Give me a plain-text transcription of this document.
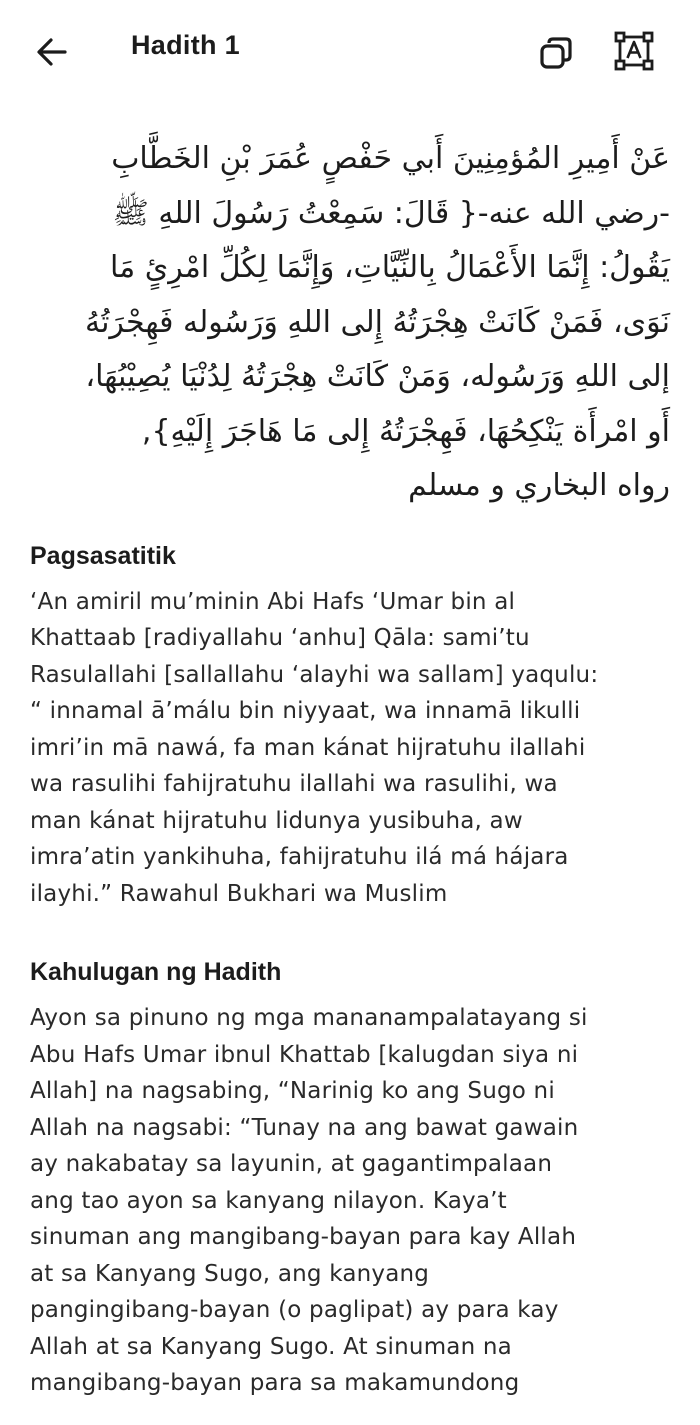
Hadith 1
عَنْ أَمِيرِ المُؤمِنِينَ أَبي حَفْصٍ عُمَرَ بْنِ الخَطَّابِ
-رضي الله عنه-{ قَالَ: سَمِعْتُ رَسُولَ اللهِ ﷺ
يَقُولُ: إِنَّمَا الأَعْمَالُ بِالنِّيَّاتِ، وَإِنَّمَا لِكُلِّ امْرِئٍ مَا
نَوَى، فَمَنْ كَانَتْ هِجْرَتُهُ إِلى اللهِ وَرَسُوله فَهِجْرَتُهُ
إلى اللهِ وَرَسُوله، وَمَنْ كَانَتْ هِجْرَتُهُ لِدُنْيَا يُصِيْبُهَا،
أَو امْرأَة يَنْكِحُهَا، فَهِجْرَتُهُ إِلى مَا هَاجَرَ إِلَيْهِ},
رواه البخاري و مسلم
Pagsasatitik
‘An amiril mu’minin Abi Hafs ‘Umar bin al
Khattaab [radiyallahu ‘anhu] Qāla: sami’tu
Rasulallahi [sallallahu ‘alayhi wa sallam] yaqulu:
“ innamal ā’málu bin niyyaat, wa innamā likulli
imri’in mā nawá, fa man kánat hijratuhu ilallahi
wa rasulihi fahijratuhu ilallahi wa rasulihi, wa
man kánat hijratuhu lidunya yusibuha, aw
imra’atin yankihuha, fahijratuhu ilá má hájara
ilayhi.” Rawahul Bukhari wa Muslim
Kahulugan ng Hadith
Ayon sa pinuno ng mga mananampalatayang si
Abu Hafs Umar ibnul Khattab [kalugdan siya ni
Allah] na nagsabing, “Narinig ko ang Sugo ni
Allah na nagsabi: “Tunay na ang bawat gawain
ay nakabatay sa layunin, at gagantimpalaan
ang tao ayon sa kanyang nilayon. Kaya’t
sinuman ang mangibang-bayan para kay Allah
at sa Kanyang Sugo, ang kanyang
pangingibang-bayan (o paglipat) ay para kay
Allah at sa Kanyang Sugo. At sinuman na
mangibang-bayan para sa makamundong
